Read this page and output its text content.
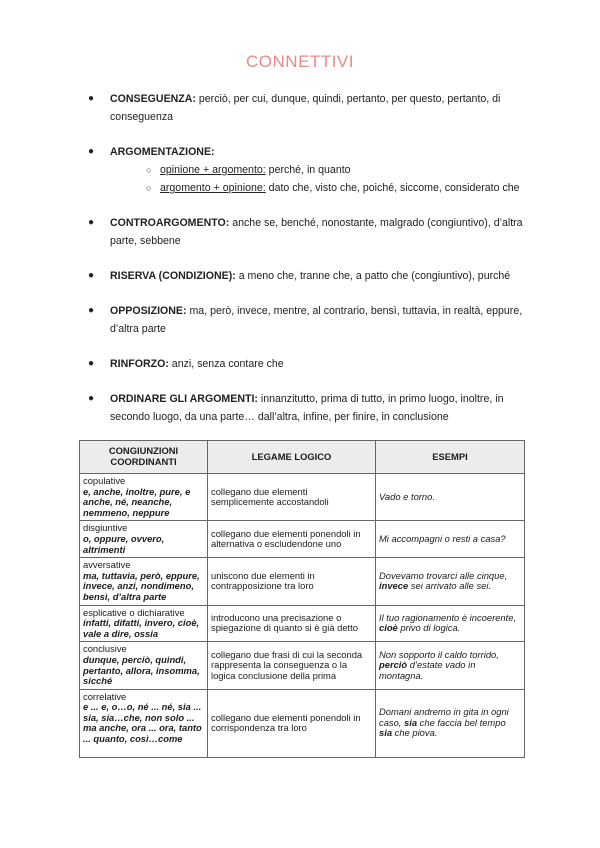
CONNETTIVI
● CONSEGUENZA: perciò, per cui, dunque, quindi, pertanto, per questo, pertanto, di conseguenza
● ARGOMENTAZIONE:
○ opinione + argomento: perché, in quanto
○ argomento + opinione: dato che, visto che, poiché, siccome, considerato che
● CONTROARGOMENTO: anche se, benché, nonostante, malgrado (congiuntivo), d’altra parte, sebbene
● RISERVA (CONDIZIONE): a meno che, tranne che, a patto che (congiuntivo), purché
● OPPOSIZIONE: ma, però, invece, mentre, al contrario, bensì, tuttavia, in realtà, eppure, d’altra parte
● RINFORZO: anzi, senza contare che
● ORDINARE GLI ARGOMENTI: innanzitutto, prima di tutto, in primo luogo, inoltre, in secondo luogo, da una parte… dall’altra, infine, per finire, in conclusione
CONGIUNZIONI COORDINANTI	LEGAME LOGICO	ESEMPI

copulative
e, anche, inoltre, pure, e anche, né, neanche, nemmeno, neppure	collegano due elementi semplicemente accostandoli	Vado e torno.

disgiuntive
o, oppure, ovvero, altrimenti	collegano due elementi ponendoli in alternativa o escludendone uno	Mi accompagni o resti a casa?

avversative
ma, tuttavia, però, eppure, invece, anzi, nondimeno, bensì, d’altra parte	uniscono due elementi in contrapposizione tra loro	Dovevamo trovarci alle cinque, invece sei arrivato alle sei.

esplicative o dichiarative
infatti, difatti, invero, cioè, vale a dire, ossia	introducono una precisazione o spiegazione di quanto si è già detto	Il tuo ragionamento è incoerente, cioè privo di logica.

conclusive
dunque, perciò, quindi, pertanto, allora, insomma, sicché	collegano due frasi di cui la seconda rappresenta la conseguenza o la logica conclusione della prima	Non sopporto il caldo torrido, perciò d’estate vado in montagna.

correlative
e ... e, o…o, né ... né, sia ... sia, sia…che, non solo ... ma anche, ora ... ora, tanto ... quanto, così…come	collegano due elementi ponendoli in corrispondenza tra loro	Domani andremo in gita in ogni caso, sia che faccia bel tempo sia che piova.
